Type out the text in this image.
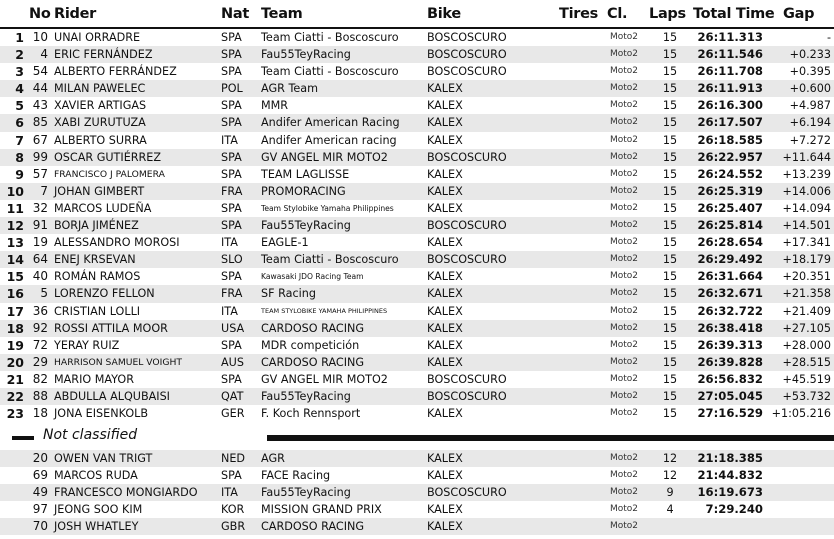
No Rider	Nat Team	Bike	Tires Cl. Laps Total Time Gap
1 10 UNAI ORRADRE	SPA Team Ciatti - Boscoscuro	BOSCOSCURO	Moto2	15	26:11.313	-
2	4 ERIC FERNÁNDEZ	SPA Fau55TeyRacing	BOSCOSCURO	Moto2	15	26:11.546	+0.233
3 54 ALBERTO FERRÁNDEZ	SPA Team Ciatti - Boscoscuro	BOSCOSCURO	Moto2	15	26:11.708	+0.395
4 44 MILAN PAWELEC	POL AGR Team	KALEX	Moto2	15	26:11.913	+0.600
5 43 XAVIER ARTIGAS	SPA MMR	KALEX	Moto2	15	26:16.300	+4.987
6 85 XABI ZURUTUZA	SPA Andifer American Racing KALEX	Moto2	15	26:17.507	+6.194
7 67 ALBERTO SURRA	ITA Andifer American racing	KALEX	Moto2	15	26:18.585	+7.272
8 99 OSCAR GUTIÉRREZ	SPA GV ANGEL MIR MOTO2	BOSCOSCURO	Moto2	15	26:22.957	+11.644
9 57 FRANCISCO J PALOMERA	SPA TEAM LAGLISSE	KALEX	Moto2	15	26:24.552	+13.239
10	7 JOHAN GIMBERT	FRA PROMORACING	KALEX	Moto2	15	26:25.319	+14.006
11 32 MARCOS LUDEÑA	SPA	Team Stylobike Yamaha Philippines	KALEX	Moto2	15	26:25.407	+14.094
12 91 BORJA JIMÉNEZ	SPA Fau55TeyRacing	BOSCOSCURO	Moto2	15	26:25.814	+14.501
13 19 ALESSANDRO MOROSI	ITA EAGLE-1	KALEX	Moto2	15	26:28.654	+17.341
14 64 ENEJ KRSEVAN	SLO Team Ciatti - Boscoscuro	BOSCOSCURO	Moto2	15	26:29.492	+18.179
15 40 ROMÁN RAMOS	SPA	Kawasaki JDO Racing Team	KALEX	Moto2	15	26:31.664	+20.351
16	5 LORENZO FELLON	FRA SF Racing	KALEX	Moto2	15	26:32.671	+21.358
17 36 CRISTIAN LOLLI	ITA	TEAM STYLOBIKE YAMAHA PHILIPPINES	KALEX	Moto2	15	26:32.722	+21.409
18 92 ROSSI ATTILA MOOR	USA CARDOSO RACING	KALEX	Moto2	15	26:38.418	+27.105
19 72 YERAY RUIZ	SPA MDR competición	KALEX	Moto2	15	26:39.313	+28.000
20 29 HARRISON SAMUEL VOIGHT	AUS CARDOSO RACING	KALEX	Moto2	15	26:39.828	+28.515
21 82 MARIO MAYOR	SPA GV ANGEL MIR MOTO2	BOSCOSCURO	Moto2	15	26:56.832	+45.519
22 88 ABDULLA ALQUBAISI	QAT Fau55TeyRacing	BOSCOSCURO	Moto2	15	27:05.045	+53.732
23 18 JONA EISENKOLB	GER F. Koch Rennsport	KALEX	Moto2	15	27:16.529 +1:05.216
Not classified
20 OWEN VAN TRIGT	NED AGR	KALEX	Moto2	12	21:18.385
69 MARCOS RUDA	SPA FACE Racing	KALEX	Moto2	12	21:44.832
49 FRANCESCO MONGIARDO ITA Fau55TeyRacing	BOSCOSCURO	Moto2	9	16:19.673
97 JEONG SOO KIM	KOR MISSION GRAND PRIX	KALEX	Moto2	4	7:29.240
70 JOSH WHATLEY	GBR CARDOSO RACING	KALEX	Moto2
